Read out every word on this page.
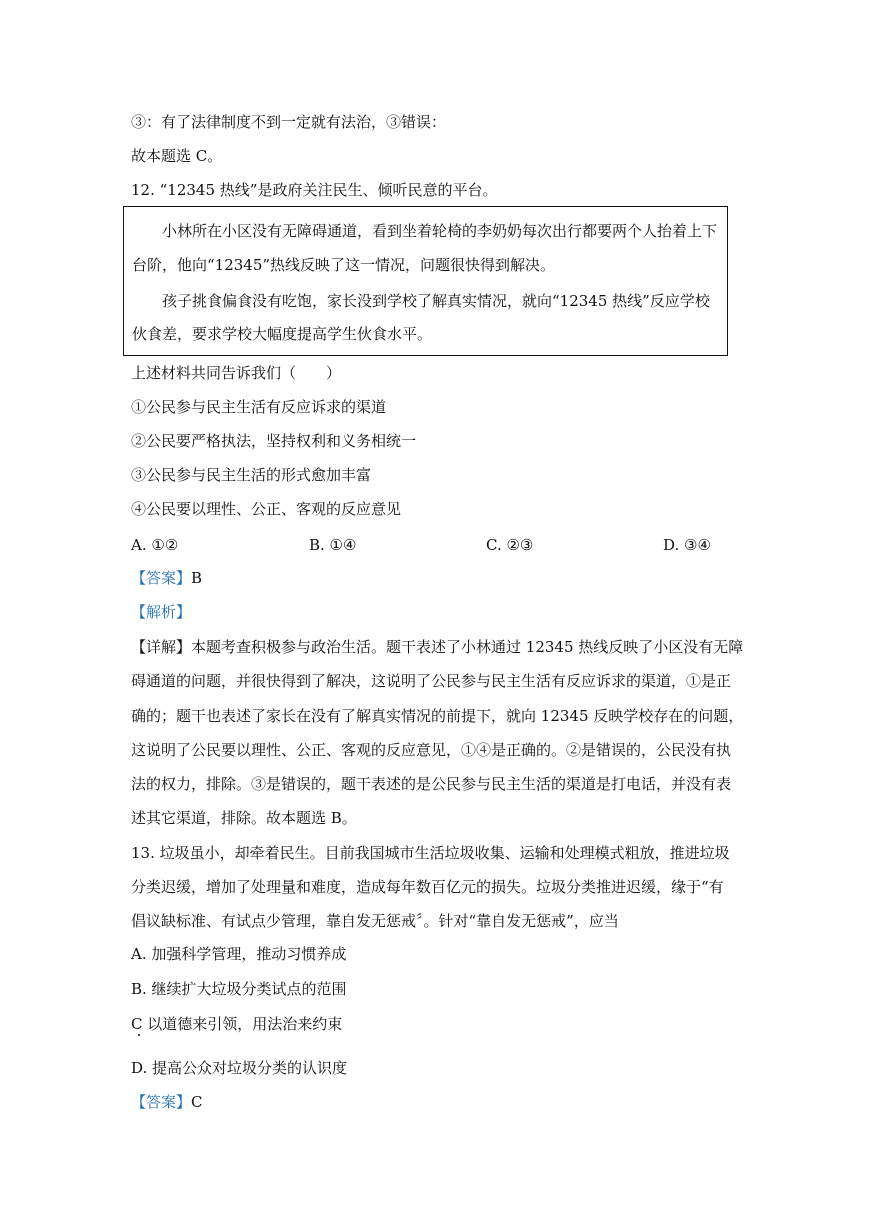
③：有了法律制度不到一定就有法治，③错误：
故本题选 C。
12. “12345 热线”是政府关注民生、倾听民意的平台。
小林所在小区没有无障碍通道，看到坐着轮椅的李奶奶每次出行都要两个人抬着上下
台阶，他向“12345”热线反映了这一情况，问题很快得到解决。
孩子挑食偏食没有吃饱，家长没到学校了解真实情况，就向“12345 热线”反应学校
伙食差，要求学校大幅度提高学生伙食水平。
上述材料共同告诉我们（　　）
①公民参与民主生活有反应诉求的渠道
②公民要严格执法，坚持权利和义务相统一
③公民参与民主生活的形式愈加丰富
④公民要以理性、公正、客观的反应意见
A. ①②	B. ①④	C. ②③	D. ③④
【答案】B
【解析】
【详解】本题考查积极参与政治生活。题干表述了小林通过 12345 热线反映了小区没有无障
碍通道的问题，并很快得到了解决，这说明了公民参与民主生活有反应诉求的渠道，①是正
确的；题干也表述了家长在没有了解真实情况的前提下，就向 12345 反映学校存在的问题，
这说明了公民要以理性、公正、客观的反应意见，①④是正确的。②是错误的，公民没有执
法的权力，排除。③是错误的，题干表述的是公民参与民主生活的渠道是打电话，并没有表
述其它渠道，排除。故本题选 B。
13. 垃圾虽小，却牵着民生。目前我国城市生活垃圾收集、运输和处理模式粗放，推进垃圾
分类迟缓，增加了处理量和难度，造成每年数百亿元的损失。垃圾分类推进迟缓，缘于“有
倡议缺标准、有试点少管理，靠自发无惩戒〞。针对“靠自发无惩戒”，应当
A. 加强科学管理，推动习惯养成
B. 继续扩大垃圾分类试点的范围
C 以道德来引领，用法治来约束
D. 提高公众对垃圾分类的认识度
【答案】C
